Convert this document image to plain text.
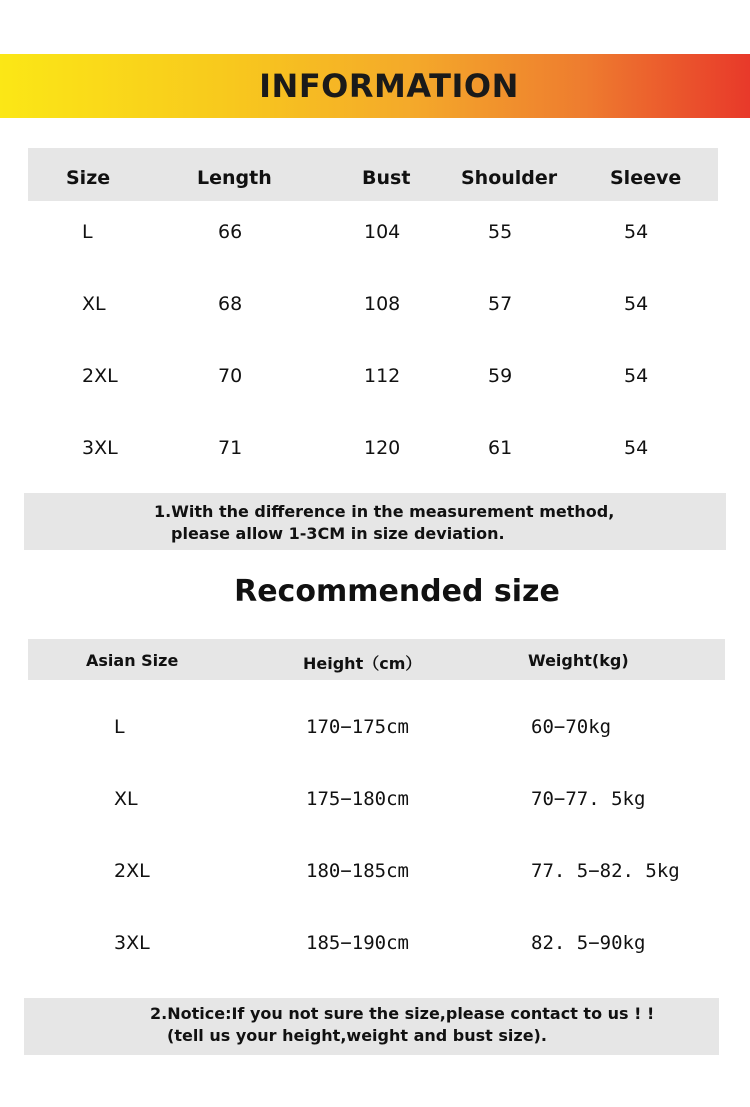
INFORMATION
Size	Length	Bust	Shoulder	Sleeve
L	66	104	55	54
XL	68	108	57	54
2XL	70	112	59	54
3XL	71	120	61	54
1.With the difference in the measurement method,
please allow 1-3CM in size deviation.
Recommended size
Asian Size	Height（cm）	Weight(kg)
L	170−175cm	60−70kg
XL	175−180cm	70−77. 5kg
2XL	180−185cm	77. 5−82. 5kg
3XL	185−190cm	82. 5−90kg
2.Notice:If you not sure the size,please contact to us ! !
(tell us your height,weight and bust size).
